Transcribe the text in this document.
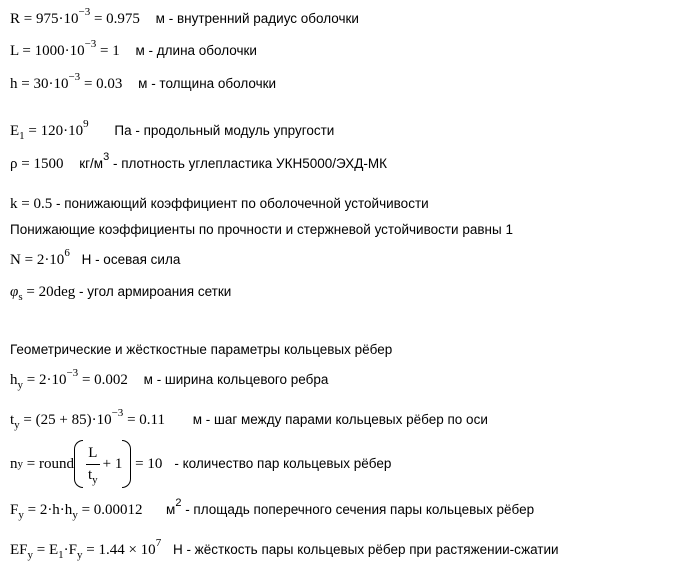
$R = 975\cdot 10^{-3} = 0.975$ м - внутренний радиус оболочки
$L = 1000\cdot 10^{-3} = 1$ м - длина оболочки
$h = 30\cdot 10^{-3} = 0.03$ м - толщина оболочки
$E_1 = 120\cdot 10^9$ Па - продольный модуль упругости
ρ = 1500 $кг/м^3$ - плотность углепластика УКН5000/ЭХД-МК
k = 0.5 - понижающий коэффициент по оболочечной устойчивости
Понижающие коэффициенты по прочности и стержневой устойчивости равны 1
$N = 2\cdot 10^6$ Н - осевая сила
$\varphi_s = 20deg$ - угол армироания сетки
Геометрические и жёсткостные параметры кольцевых рёбер
$h_y = 2\cdot 10^{-3} = 0.002$ м - ширина кольцевого ребра
$t_y = (25 + 85)\cdot 10^{-3} = 0.11$ м - шаг между парами кольцевых рёбер по оси
n y
=
round $\frac{L}{t_y} + 1$
=
10 - количество пар кольцевых рёбер
$F_y = 2\cdot h\cdot h_y = 0.00012$ $м^2$ - площадь поперечного сечения пары кольцевых рёбер
$EF_y = E_1\cdot F_y = 1.44 \times 10^7$ Н - жёсткость пары кольцевых рёбер при растяжении-сжатии
